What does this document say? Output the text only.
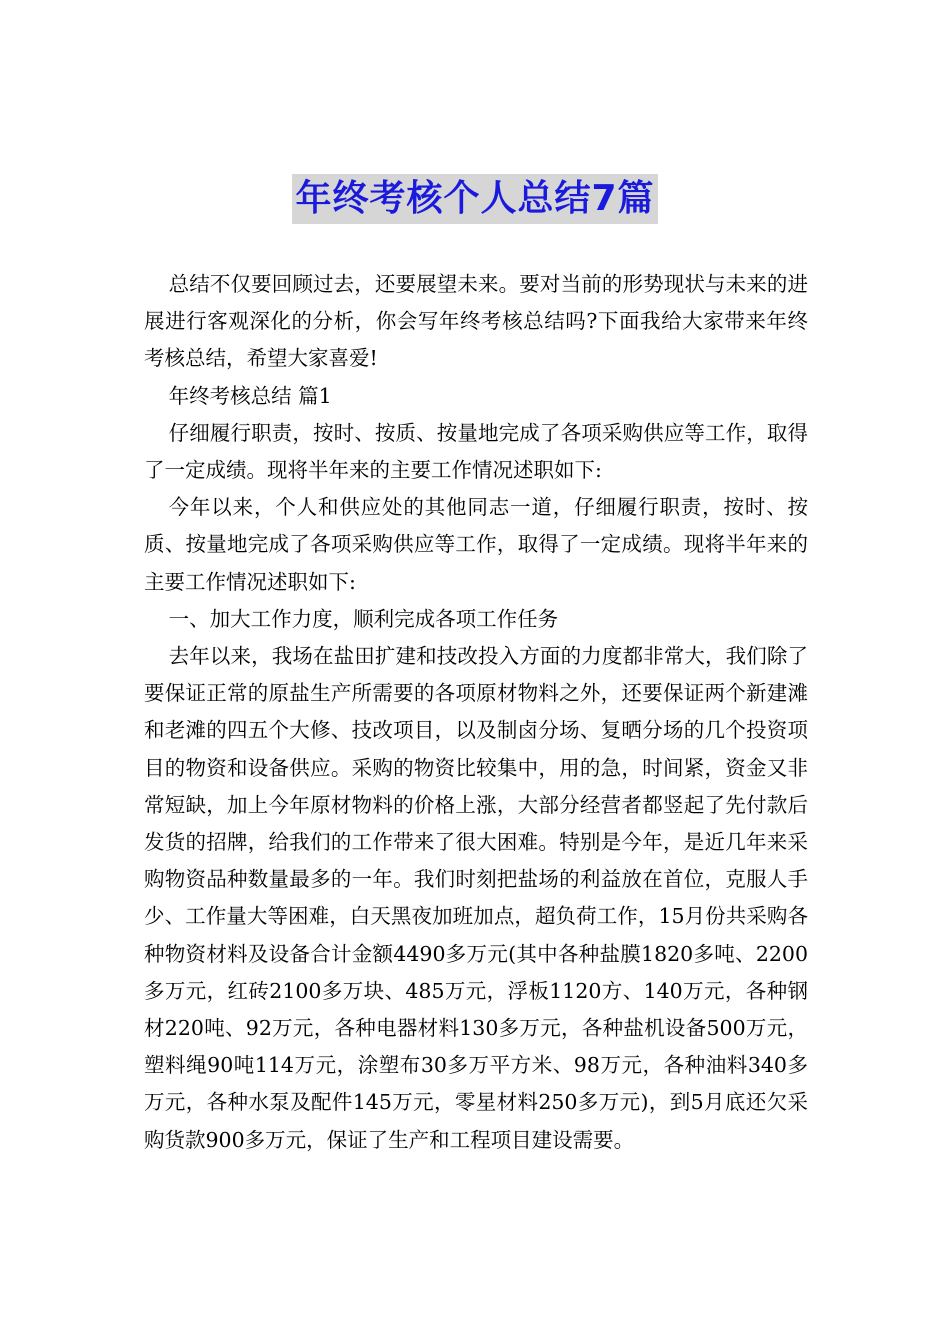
年终考核个人总结7篇

总结不仅要回顾过去，还要展望未来。要对当前的形势现状与未来的进展进行客观深化的分析，你会写年终考核总结吗?下面我给大家带来年终考核总结，希望大家喜爱!

年终考核总结 篇1

仔细履行职责，按时、按质、按量地完成了各项采购供应等工作，取得了一定成绩。现将半年来的主要工作情况述职如下:

今年以来，个人和供应处的其他同志一道，仔细履行职责，按时、按质、按量地完成了各项采购供应等工作，取得了一定成绩。现将半年来的主要工作情况述职如下:

一、加大工作力度，顺利完成各项工作任务

去年以来，我场在盐田扩建和技改投入方面的力度都非常大，我们除了要保证正常的原盐生产所需要的各项原材物料之外，还要保证两个新建滩和老滩的四五个大修、技改项目，以及制卤分场、复晒分场的几个投资项目的物资和设备供应。采购的物资比较集中，用的急，时间紧，资金又非常短缺，加上今年原材物料的价格上涨，大部分经营者都竖起了先付款后发货的招牌，给我们的工作带来了很大困难。特别是今年，是近几年来采购物资品种数量最多的一年。我们时刻把盐场的利益放在首位，克服人手少、工作量大等困难，白天黑夜加班加点，超负荷工作，15月份共采购各种物资材料及设备合计金额4490多万元(其中各种盐膜1820多吨、2200多万元，红砖2100多万块、485万元，浮板1120方、140万元，各种钢材220吨、92万元，各种电器材料130多万元，各种盐机设备500万元，塑料绳90吨114万元，涂塑布30多万平方米、98万元，各种油料340多万元，各种水泵及配件145万元，零星材料250多万元)，到5月底还欠采购货款900多万元，保证了生产和工程项目建设需要。
